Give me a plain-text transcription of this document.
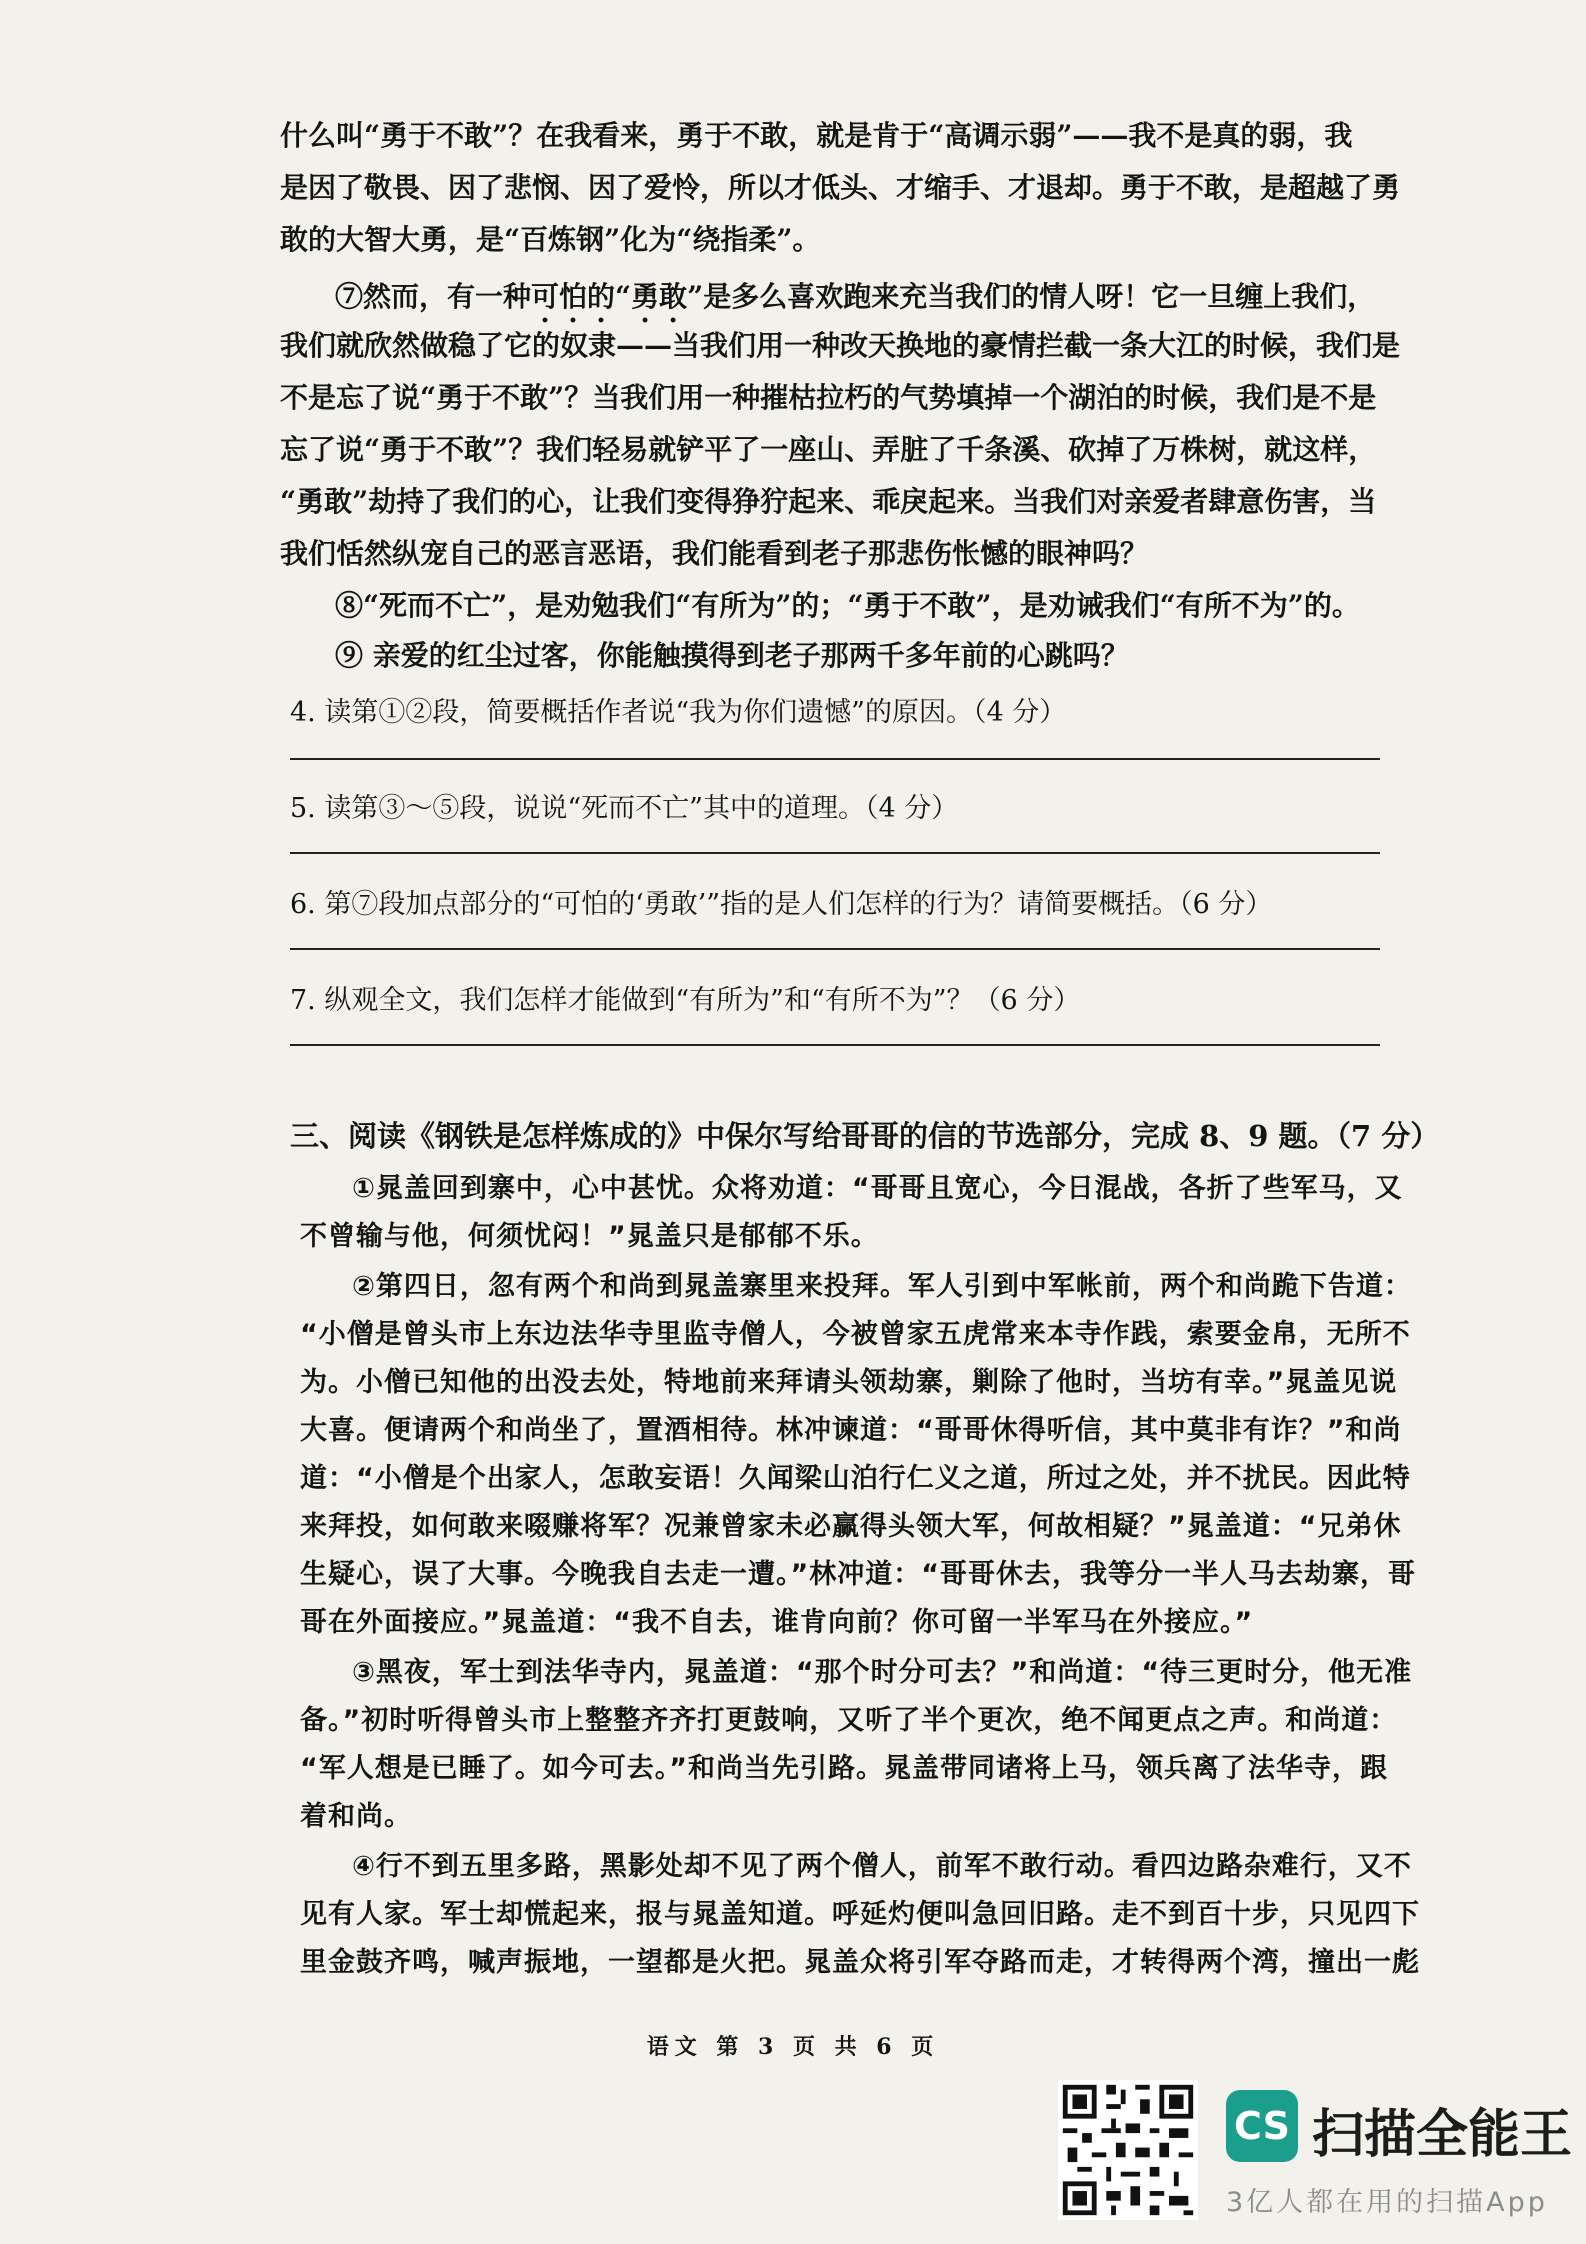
什么叫“勇于不敢”？在我看来，勇于不敢，就是肯于“高调示弱”——我不是真的弱，我
是因了敬畏、因了悲悯、因了爱怜，所以才低头、才缩手、才退却。勇于不敢，是超越了勇
敢的大智大勇，是“百炼钢”化为“绕指柔”。
⑦然而，有一种可怕的“勇敢”是多么喜欢跑来充当我们的情人呀！它一旦缠上我们，
我们就欣然做稳了它的奴隶——当我们用一种改天换地的豪情拦截一条大江的时候，我们是
不是忘了说“勇于不敢”？当我们用一种摧枯拉朽的气势填掉一个湖泊的时候，我们是不是
忘了说“勇于不敢”？我们轻易就铲平了一座山、弄脏了千条溪、砍掉了万株树，就这样，
“勇敢”劫持了我们的心，让我们变得狰狞起来、乖戾起来。当我们对亲爱者肆意伤害，当
我们恬然纵宠自己的恶言恶语，我们能看到老子那悲伤怅憾的眼神吗？
⑧“死而不亡”，是劝勉我们“有所为”的；“勇于不敢”，是劝诫我们“有所不为”的。
⑨ 亲爱的红尘过客，你能触摸得到老子那两千多年前的心跳吗？
4. 读第①②段，简要概括作者说“我为你们遗憾”的原因。（4 分）
5. 读第③～⑤段，说说“死而不亡”其中的道理。（4 分）
6. 第⑦段加点部分的“可怕的‘勇敢’”指的是人们怎样的行为？请简要概括。（6 分）
7. 纵观全文，我们怎样才能做到“有所为”和“有所不为”？（6 分）
三、阅读《钢铁是怎样炼成的》中保尔写给哥哥的信的节选部分，完成 8、9 题。（7 分）
①晁盖回到寨中，心中甚忧。众将劝道：“哥哥且宽心，今日混战，各折了些军马，又
不曾输与他，何须忧闷！”晁盖只是郁郁不乐。
②第四日，忽有两个和尚到晁盖寨里来投拜。军人引到中军帐前，两个和尚跪下告道：
“小僧是曾头市上东边法华寺里监寺僧人，今被曾家五虎常来本寺作践，索要金帛，无所不
为。小僧已知他的出没去处，特地前来拜请头领劫寨，剿除了他时，当坊有幸。”晁盖见说
大喜。便请两个和尚坐了，置酒相待。林冲谏道：“哥哥休得听信，其中莫非有诈？”和尚
道：“小僧是个出家人，怎敢妄语！久闻梁山泊行仁义之道，所过之处，并不扰民。因此特
来拜投，如何敢来啜赚将军？况兼曾家未必赢得头领大军，何故相疑？”晁盖道：“兄弟休
生疑心，误了大事。今晚我自去走一遭。”林冲道：“哥哥休去，我等分一半人马去劫寨，哥
哥在外面接应。”晁盖道：“我不自去，谁肯向前？你可留一半军马在外接应。”
③黑夜，军士到法华寺内，晁盖道：“那个时分可去？”和尚道：“待三更时分，他无准
备。”初时听得曾头市上整整齐齐打更鼓响，又听了半个更次，绝不闻更点之声。和尚道：
“军人想是已睡了。如今可去。”和尚当先引路。晁盖带同诸将上马，领兵离了法华寺，跟
着和尚。
④行不到五里多路，黑影处却不见了两个僧人，前军不敢行动。看四边路杂难行，又不
见有人家。军士却慌起来，报与晁盖知道。呼延灼便叫急回旧路。走不到百十步，只见四下
里金鼓齐鸣，喊声振地，一望都是火把。晁盖众将引军夺路而走，才转得两个湾，撞出一彪
语文 第 3 页 共 6 页
CS 扫描全能王
3亿人都在用的扫描App
